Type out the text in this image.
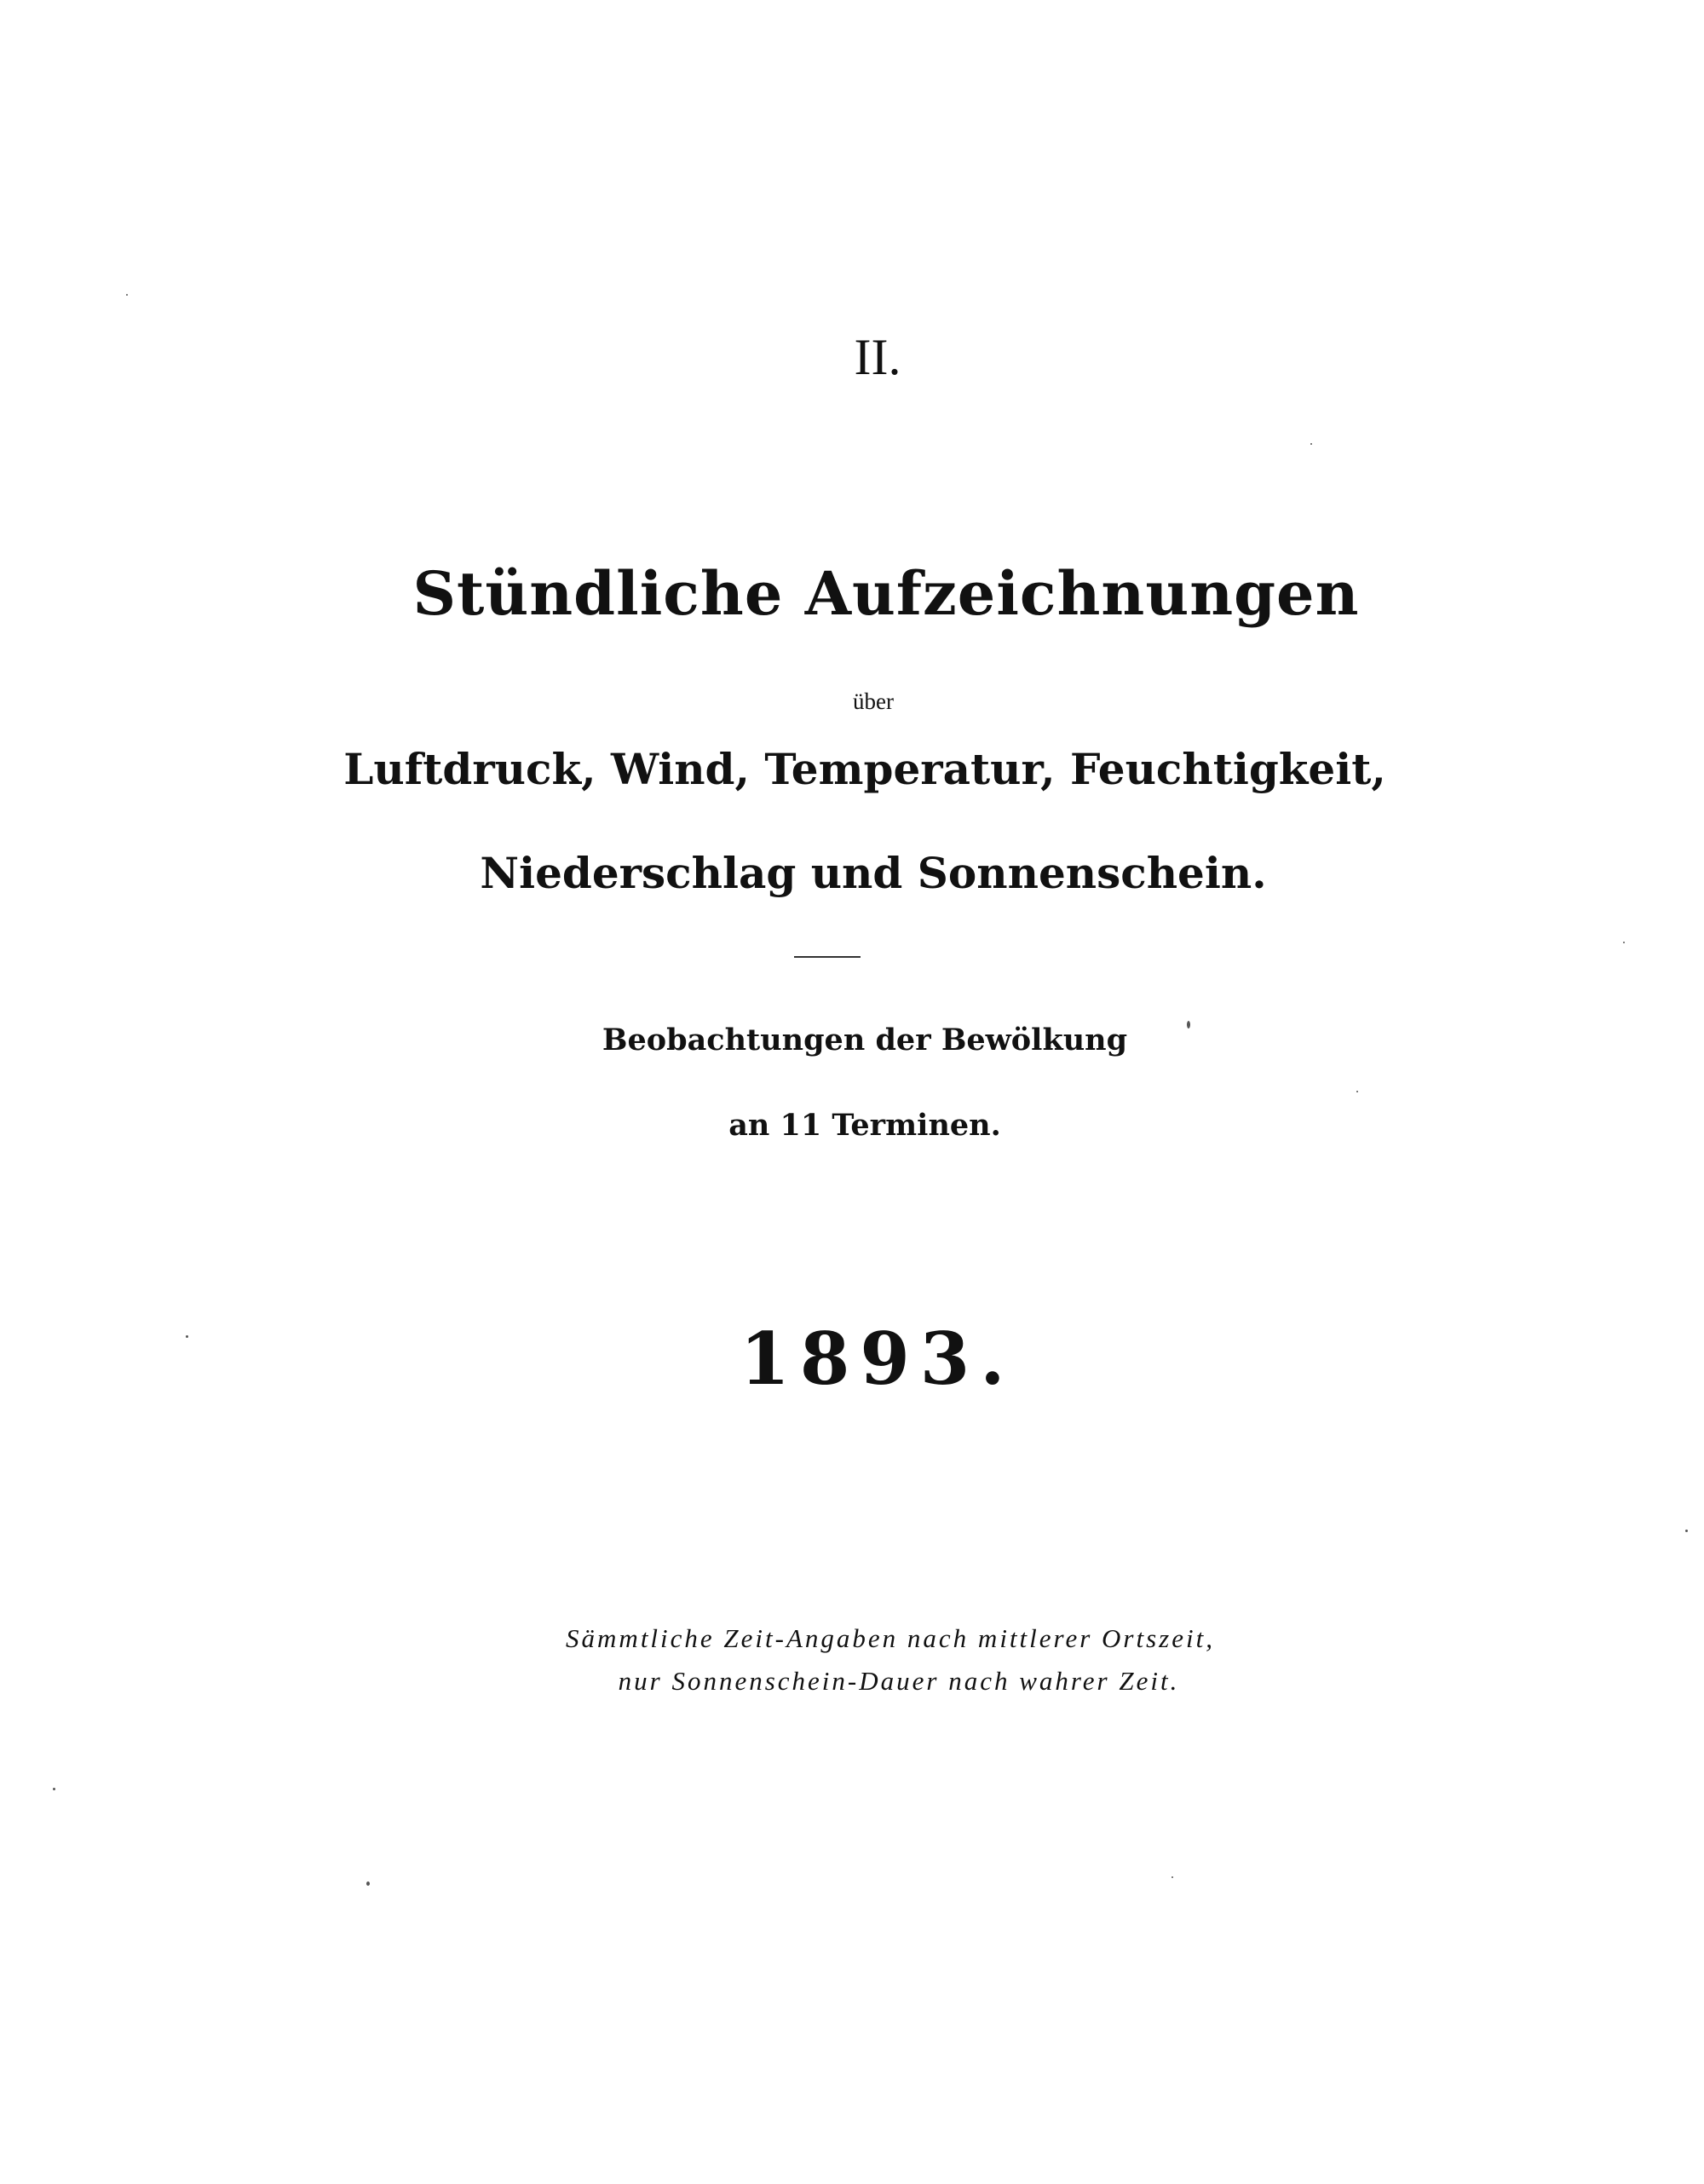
II.
Stündliche Aufzeichnungen
über
Luftdruck, Wind, Temperatur, Feuchtigkeit,
Niederschlag und Sonnenschein.
Beobachtungen der Bewölkung
an 11 Terminen.
1893.
Sämmtliche Zeit-Angaben nach mittlerer Ortszeit,
nur Sonnenschein-Dauer nach wahrer Zeit.
